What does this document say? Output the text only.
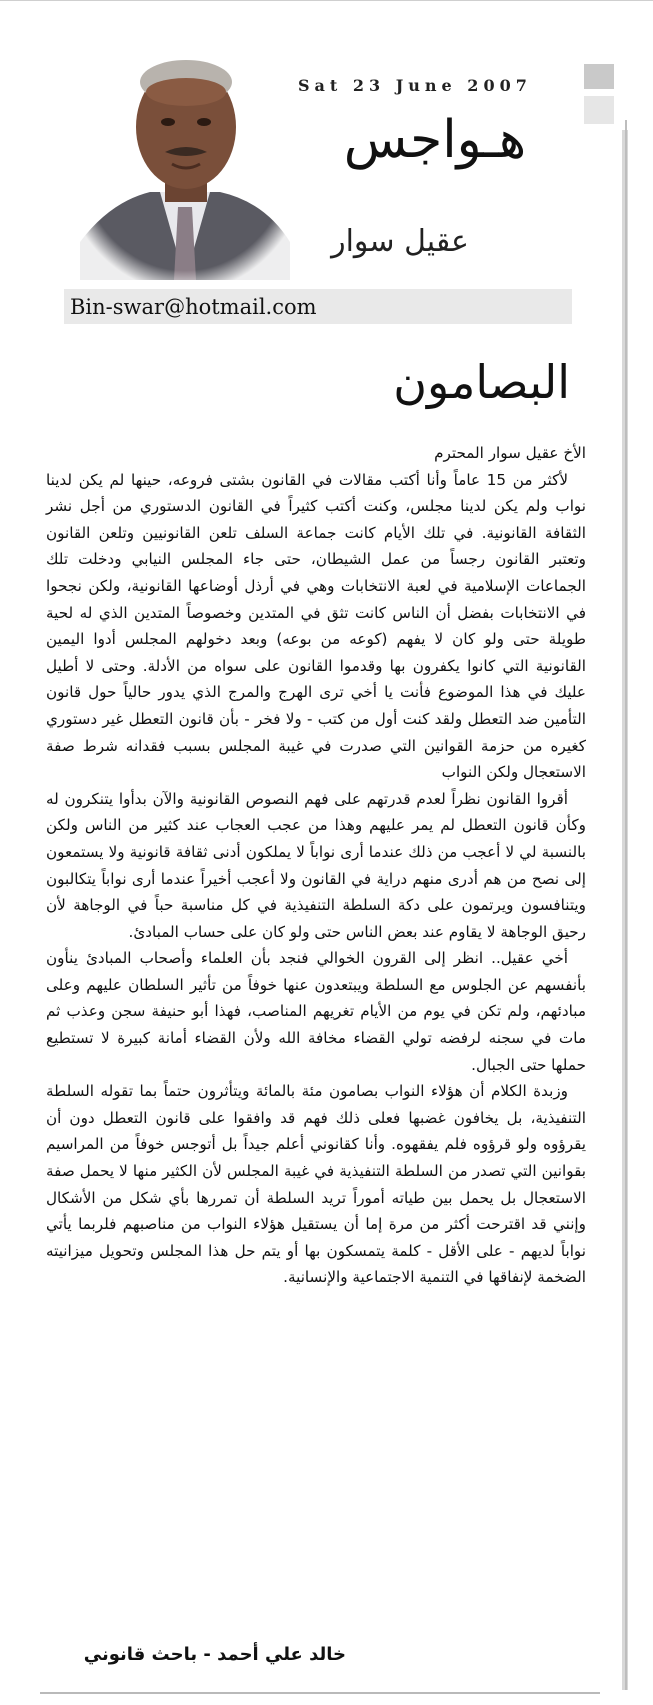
Sat 23 June 2007
هـواجس
عقيل سوار
Bin-swar@hotmail.com
البصامون

الأخ عقيل سوار المحترم

لأكثر من 15 عاماً وأنا أكتب مقالات في القانون بشتى فروعه، حينها لم يكن لدينا نواب ولم يكن لدينا مجلس، وكنت أكتب كثيراً في القانون الدستوري من أجل نشر الثقافة القانونية. في تلك الأيام كانت جماعة السلف تلعن القانونيين وتلعن القانون وتعتبر القانون رجساً من عمل الشيطان، حتى جاء المجلس النيابي ودخلت تلك الجماعات الإسلامية في لعبة الانتخابات وهي في أرذل أوضاعها القانونية، ولكن نجحوا في الانتخابات بفضل أن الناس كانت تثق في المتدين وخصوصاً المتدين الذي له لحية طويلة حتى ولو كان لا يفهم (كوعه من بوعه) وبعد دخولهم المجلس أدوا اليمين القانونية التي كانوا يكفرون بها وقدموا القانون على سواه من الأدلة. وحتى لا أطيل عليك في هذا الموضوع فأنت يا أخي ترى الهرج والمرج الذي يدور حالياً حول قانون التأمين ضد التعطل ولقد كنت أول من كتب - ولا فخر - بأن قانون التعطل غير دستوري كغيره من حزمة القوانين التي صدرت في غيبة المجلس بسبب فقدانه شرط صفة الاستعجال ولكن النواب

أقروا القانون نظراً لعدم قدرتهم على فهم النصوص القانونية والآن بدأوا يتنكرون له وكأن قانون التعطل لم يمر عليهم وهذا من عجب العجاب عند كثير من الناس ولكن بالنسبة لي لا أعجب من ذلك عندما أرى نواباً لا يملكون أدنى ثقافة قانونية ولا يستمعون إلى نصح من هم أدرى منهم دراية في القانون ولا أعجب أخيراً عندما أرى نواباً يتكالبون ويتنافسون ويرتمون على دكة السلطة التنفيذية في كل مناسبة حباً في الوجاهة لأن رحيق الوجاهة لا يقاوم عند بعض الناس حتى ولو كان على حساب المبادئ.

أخي عقيل.. انظر إلى القرون الخوالي فنجد بأن العلماء وأصحاب المبادئ ينأون بأنفسهم عن الجلوس مع السلطة ويبتعدون عنها خوفاً من تأثير السلطان عليهم وعلى مبادئهم، ولم تكن في يوم من الأيام تغريهم المناصب، فهذا أبو حنيفة سجن وعذب ثم مات في سجنه لرفضه تولي القضاء مخافة الله ولأن القضاء أمانة كبيرة لا تستطيع حملها حتى الجبال.

وزبدة الكلام أن هؤلاء النواب بصامون مئة بالمائة ويتأثرون حتماً بما تقوله السلطة التنفيذية، بل يخافون غضبها فعلى ذلك فهم قد وافقوا على قانون التعطل دون أن يقرؤوه ولو قرؤوه فلم يفقهوه. وأنا كقانوني أعلم جيداً بل أتوجس خوفاً من المراسيم بقوانين التي تصدر من السلطة التنفيذية في غيبة المجلس لأن الكثير منها لا يحمل صفة الاستعجال بل يحمل بين طياته أموراً تريد السلطة أن تمررها بأي شكل من الأشكال وإنني قد اقترحت أكثر من مرة إما أن يستقيل هؤلاء النواب من مناصبهم فلربما يأتي نواباً لديهم - على الأقل - كلمة يتمسكون بها أو يتم حل هذا المجلس وتحويل ميزانيته الضخمة لإنفاقها في التنمية الاجتماعية والإنسانية.

خالد علي أحمد - باحث قانوني
